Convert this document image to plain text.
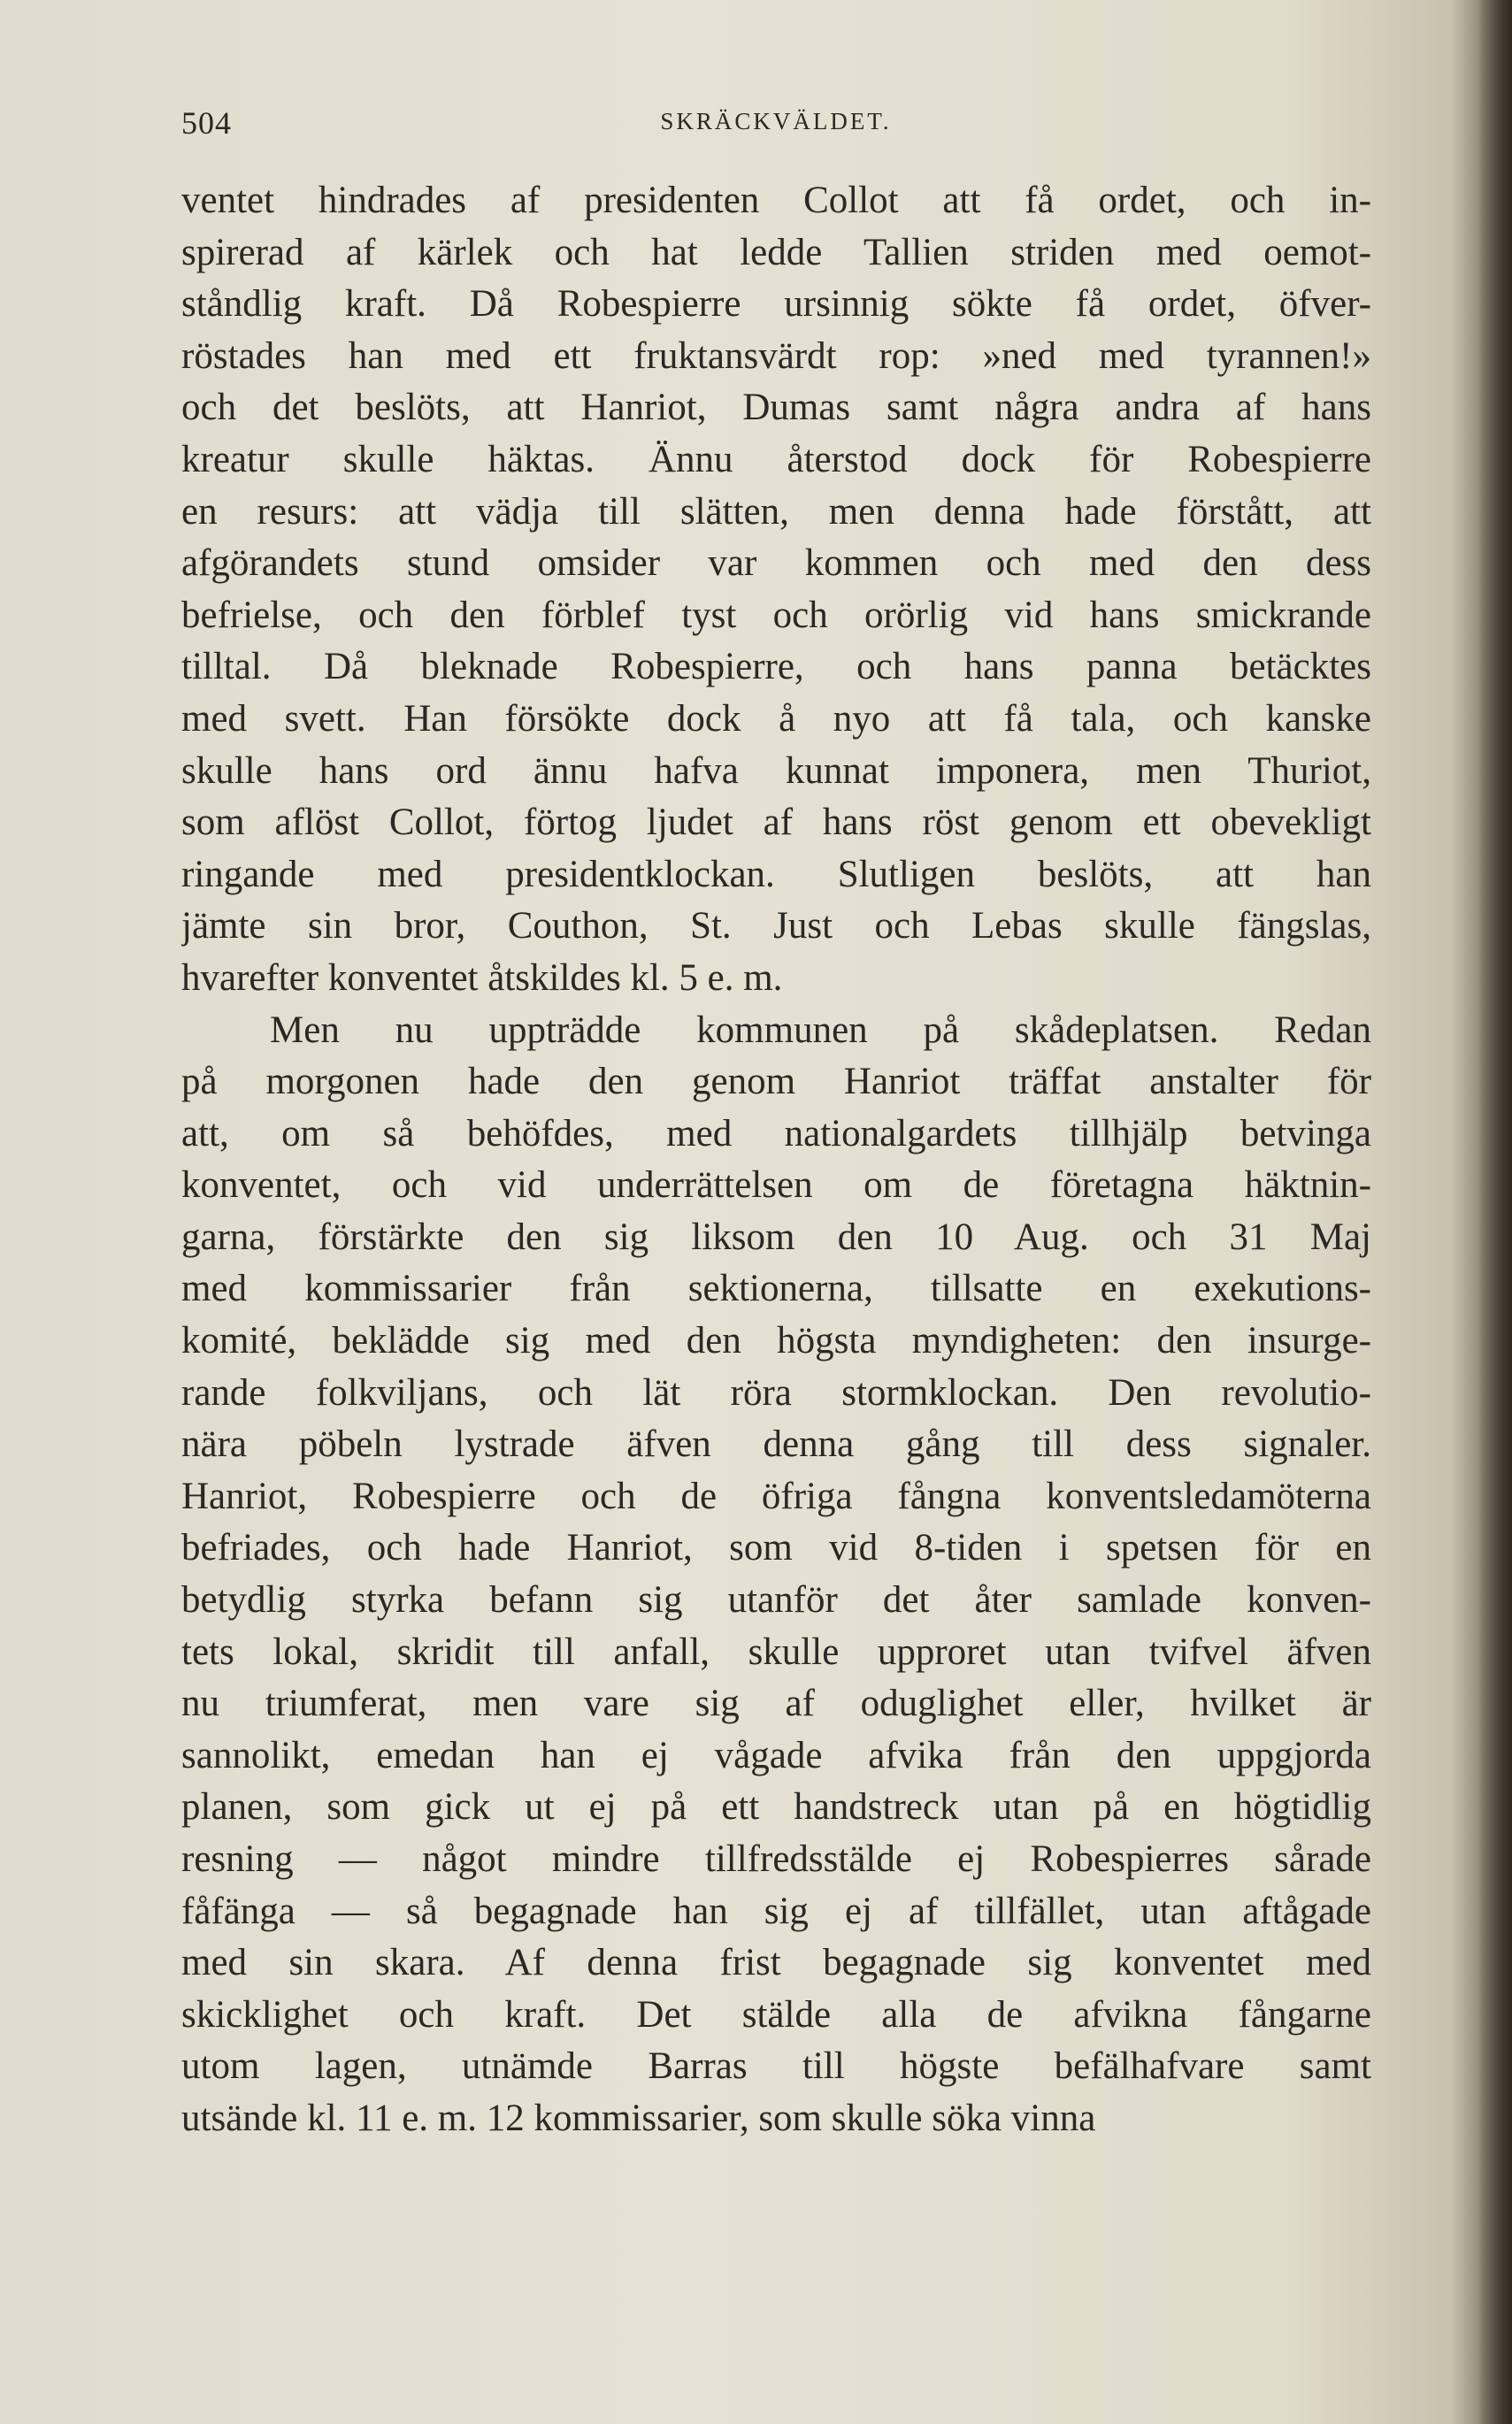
504	SKRÄCKVÄLDET.
ventet hindrades af presidenten Collot att få ordet, och in-
spirerad af kärlek och hat ledde Tallien striden med oemot-
ståndlig kraft. Då Robespierre ursinnig sökte få ordet, öfver-
röstades han med ett fruktansvärdt rop: »ned med tyrannen!»
och det beslöts, att Hanriot, Dumas samt några andra af hans
kreatur skulle häktas. Ännu återstod dock för Robespierre
en resurs: att vädja till slätten, men denna hade förstått, att
afgörandets stund omsider var kommen och med den dess
befrielse, och den förblef tyst och orörlig vid hans smickrande
tilltal. Då bleknade Robespierre, och hans panna betäcktes
med svett. Han försökte dock å nyo att få tala, och kanske
skulle hans ord ännu hafva kunnat imponera, men Thuriot,
som aflöst Collot, förtog ljudet af hans röst genom ett obevekligt
ringande med presidentklockan. Slutligen beslöts, att han
jämte sin bror, Couthon, St. Just och Lebas skulle fängslas,
hvarefter konventet åtskildes kl. 5 e. m.
Men nu uppträdde kommunen på skådeplatsen. Redan
på morgonen hade den genom Hanriot träffat anstalter för
att, om så behöfdes, med nationalgardets tillhjälp betvinga
konventet, och vid underrättelsen om de företagna häktnin-
garna, förstärkte den sig liksom den 10 Aug. och 31 Maj
med kommissarier från sektionerna, tillsatte en exekutions-
komité, beklädde sig med den högsta myndigheten: den insurge-
rande folkviljans, och lät röra stormklockan. Den revolutio-
nära pöbeln lystrade äfven denna gång till dess signaler.
Hanriot, Robespierre och de öfriga fångna konventsledamöterna
befriades, och hade Hanriot, som vid 8-tiden i spetsen för en
betydlig styrka befann sig utanför det åter samlade konven-
tets lokal, skridit till anfall, skulle upproret utan tvifvel äfven
nu triumferat, men vare sig af oduglighet eller, hvilket är
sannolikt, emedan han ej vågade afvika från den uppgjorda
planen, som gick ut ej på ett handstreck utan på en högtidlig
resning — något mindre tillfredsstälde ej Robespierres sårade
fåfänga — så begagnade han sig ej af tillfället, utan aftågade
med sin skara. Af denna frist begagnade sig konventet med
skicklighet och kraft. Det stälde alla de afvikna fångarne
utom lagen, utnämde Barras till högste befälhafvare samt
utsände kl. 11 e. m. 12 kommissarier, som skulle söka vinna
